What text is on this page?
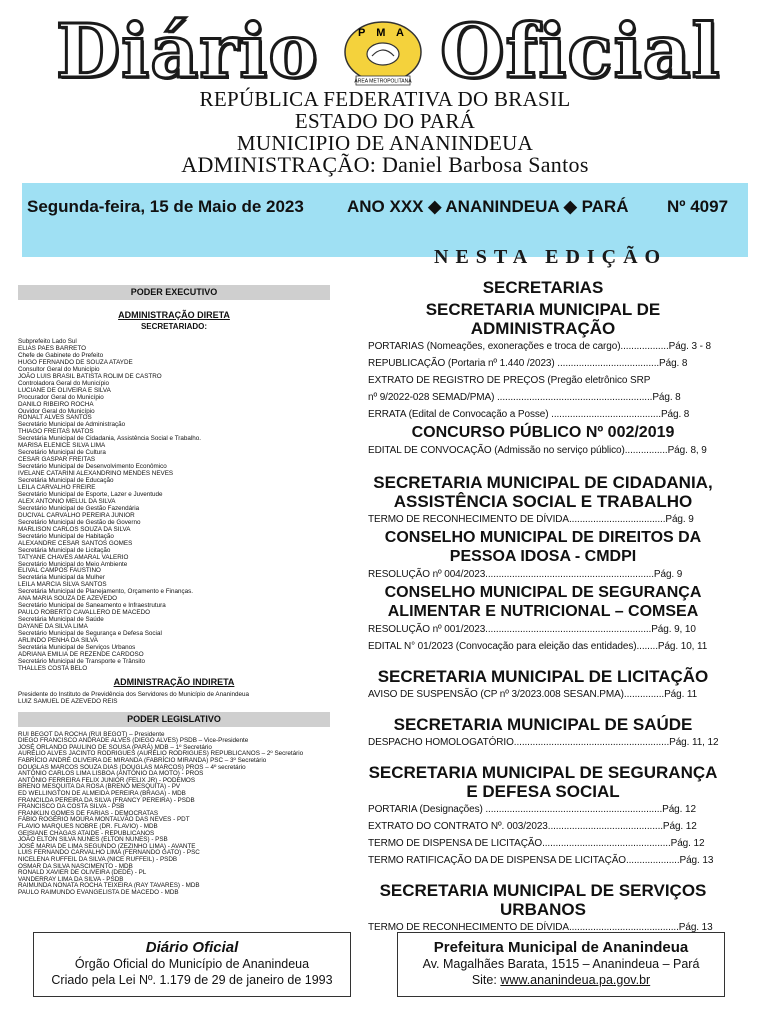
Diário	ÁREA METROPOLITANA
P M A Oficial
REPÚBLICA FEDERATIVA DO BRASIL
ESTADO DO PARÁ
MUNICIPIO DE ANANINDEUA
ADMINISTRAÇÃO: Daniel Barbosa Santos
Segunda-feira, 15 de Maio de 2023	ANO XXX ◆ ANANINDEUA ◆ PARÁ Nº 4097
NESTA EDIÇÃO
PODER EXECUTIVO
ADMINISTRAÇÃO DIRETA
SECRETARIADO:
Subprefeito Lado Sul
ELIAS PAES BARRETO
Chefe de Gabinete do Prefeito
HUGO FERNANDO DE SOUZA ATAYDE
Consultor Geral do Município
JOÃO LUIS BRASIL BATISTA ROLIM DE CASTRO
Controladora Geral do Município
LUCIANE DE OLIVEIRA E SILVA
Procurador Geral do Município
DANILO RIBEIRO ROCHA
Ouvidor Geral do Município
RONALT ALVES SANTOS
Secretário Municipal de Administração
THIAGO FREITAS MATOS
Secretária Municipal de Cidadania, Assistência Social e Trabalho.
MARISA ELENICE SILVA LIMA
Secretário Municipal de Cultura
CESAR GASPAR FREITAS
Secretário Municipal de Desenvolvimento Econômico
IVELANE CATARINI ALEXANDRINO MENDES NEVES
Secretária Municipal de Educação
LEILA CARVALHO FREIRE
Secretário Municipal de Esporte, Lazer e Juventude
ALEX ANTONIO MELUL DA SILVA
Secretário Municipal de Gestão Fazendária
DUCIVAL CARVALHO PEREIRA JUNIOR
Secretário Municipal de Gestão de Governo
MARLISON CARLOS SOUZA DA SILVA
Secretário Municipal de Habitação
ALEXANDRE CESAR SANTOS GOMES
Secretária Municipal de Licitação
TATYANE CHAVES AMARAL VALERIO
Secretário Municipal do Meio Ambiente
ELIVAL CAMPOS FAUSTINO
Secretária Municipal da Mulher
LEILA MARCIA SILVA SANTOS
Secretária Municipal de Planejamento, Orçamento e Finanças.
ANA MARIA SOUZA DE AZEVEDO
Secretário Municipal de Saneamento e Infraestrutura
PAULO ROBERTO CAVALLERO DE MACEDO
Secretária Municipal de Saúde
DAYANE DA SILVA LIMA
Secretário Municipal de Segurança e Defesa Social
ARLINDO PENHA DA SILVA
Secretária Municipal de Serviços Urbanos
ADRIANA EMILIA DE REZENDE CARDOSO
Secretário Municipal de Transporte e Trânsito
THALLES COSTA BELO
ADMINISTRAÇÃO INDIRETA
Presidente do Instituto de Previdência dos Servidores do Município de Ananindeua
LUIZ SAMUEL DE AZEVEDO REIS
PODER LEGISLATIVO
RUI BEGOT DA ROCHA (RUI BEGOT) – Presidente
DIEGO FRANCISCO ANDRADE ALVES (DIEGO ALVES) PSDB – Vice-Presidente
JOSÉ ORLANDO PAULINO DE SOUSA (PARÁ) MDB – 1º Secretário
AURÉLIO ALVES JACINTO RODRIGUES (AURÉLIO RODRIGUES) REPUBLICANOS – 2º Secretário
FABRÍCIO ANDRÉ OLIVEIRA DE MIRANDA (FABRÍCIO MIRANDA) PSC – 3º Secretário
DOUGLAS MARCOS SOUZA DIAS (DOUGLAS MARCOS) PROS – 4º secretário
ANTÔNIO CARLOS LIMA LISBOA (ANTÔNIO DA MOTO) - PROS
ANTÔNIO FERREIRA FELIX JUNIOR (FELIX JR) - PODEMOS
BRENO MESQUITA DA ROSA (BRENO MESQUITA) - PV
ED WELLINGTON DE ALMEIDA PEREIRA (BRAGA) - MDB
FRANCILDA PEREIRA DA SILVA (FRANCY PEREIRA) - PSDB
FRANCISCO DA COSTA SILVA - PSB
FRANKLIN GOMES DE FARIAS - DEMOCRATAS
FÁBIO ROGÉRIO MOURA MONTALVÃO DAS NEVES - PDT
FLAVIO MARQUES NOBRE (DR. FLAVIO) - MDB
GEISIANE CHAGAS ATAIDE - REPUBLICANOS
JOÃO ELTON SILVA NUNES (ELTON NUNES) - PSB
JOSÉ MARIA DE LIMA SEGUNDO (ZEZINHO LIMA) - AVANTE
LUIS FERNANDO CARVALHO LIMA (FERNANDO GATO) - PSC
NICELENA RUFFEIL DA SILVA (NICE RUFFEIL) - PSDB
OSMAR DA SILVA NASCIMENTO - MDB
RONALD XAVIER DE OLIVEIRA (DEDÉ) - PL
VANDERRAY LIMA DA SILVA - PSDB
RAIMUNDA NONATA ROCHA TEIXEIRA (RAY TAVARES) - MDB
PAULO RAIMUNDO EVANGELISTA DE MACEDO - MDB
SECRETARIAS
SECRETARIA MUNICIPAL DE ADMINISTRAÇÃO
PORTARIAS (Nomeações, exonerações e troca de cargo)..................Pág. 3 - 8
REPUBLICAÇÃO (Portaria nº 1.440 /2023) ......................................Pág. 8
EXTRATO DE REGISTRO DE PREÇOS (Pregão eletrônico SRP
nº 9/2022-028 SEMAD/PMA) ..........................................................Pág. 8
ERRATA (Edital de Convocação a Posse) .........................................Pág. 8
CONCURSO PÚBLICO Nº 002/2019
EDITAL DE CONVOCAÇÃO (Admissão no serviço público)................Pág. 8, 9
SECRETARIA MUNICIPAL DE CIDADANIA, ASSISTÊNCIA SOCIAL E TRABALHO
TERMO DE RECONHECIMENTO DE DÍVIDA....................................Pág. 9
CONSELHO MUNICIPAL DE DIREITOS DA PESSOA IDOSA - CMDPI
RESOLUÇÃO nº 004/2023...............................................................Pág. 9
CONSELHO MUNICIPAL DE SEGURANÇA ALIMENTAR E NUTRICIONAL – COMSEA
RESOLUÇÃO nº 001/2023..............................................................Pág. 9, 10
EDITAL N° 01/2023 (Convocação para eleição das entidades)........Pág. 10, 11
SECRETARIA MUNICIPAL DE LICITAÇÃO
AVISO DE SUSPENSÃO (CP nº 3/2023.008 SESAN.PMA)...............Pág. 11
SECRETARIA MUNICIPAL DE SAÚDE
DESPACHO HOMOLOGATÓRIO..........................................................Pág. 11, 12
SECRETARIA MUNICIPAL DE SEGURANÇA E DEFESA SOCIAL
PORTARIA (Designações) ..................................................................Pág. 12
EXTRATO DO CONTRATO Nº. 003/2023...........................................Pág. 12
TERMO DE DISPENSA DE LICITAÇÃO................................................Pág. 12
TERMO RATIFICAÇÃO DA DE DISPENSA DE LICITAÇÃO....................Pág. 13
SECRETARIA MUNICIPAL DE SERVIÇOS URBANOS
TERMO DE RECONHECIMENTO DE DÍVIDA.........................................Pág. 13
Diário Oficial
Órgão Oficial do Município de Ananindeua
Criado pela Lei Nº. 1.179 de 29 de janeiro de 1993
Prefeitura Municipal de Ananindeua
Av. Magalhães Barata, 1515 – Ananindeua – Pará
Site: www.ananindeua.pa.gov.br
